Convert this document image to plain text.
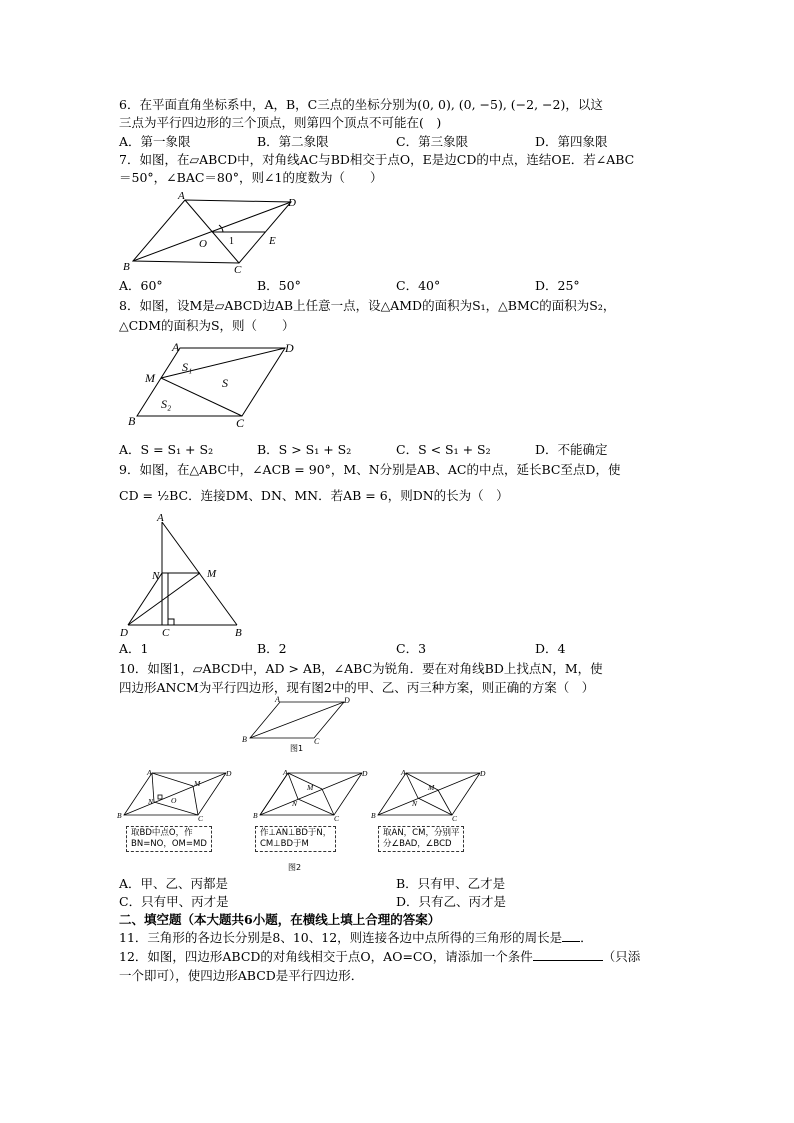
6．在平面直角坐标系中，A，B，C三点的坐标分别为(0, 0), (0, −5), (−2, −2)，以这
三点为平行四边形的三个顶点，则第四个顶点不可能在(　)
A．第一象限	B．第二象限	C．第三象限	D．第四象限
7．如图，在▱ABCD中，对角线AC与BD相交于点O，E是边CD的中点，连结OE．若∠ABC
＝50°，∠BAC＝80°，则∠1的度数为（　　）
A
D
B	C
O	E
1
A．60°	B．50°	C．40°	D．25°
8．如图，设M是▱ABCD边AB上任意一点，设△AMD的面积为S₁，△BMC的面积为S₂，
△CDM的面积为S，则（　　）
A	D
M
B	C
S₁
S
S₂
A．S = S₁ + S₂	B．S > S₁ + S₂	C．S < S₁ + S₂	D．不能确定
9．如图，在△ABC中，∠ACB = 90°，M、N分别是AB、AC的中点，延长BC至点D，使
CD = ½BC．连接DM、DN、MN．若AB = 6，则DN的长为（　）
A
N	M
D	C	B
A．1	B．2	C．3	D．4
10．如图1，▱ABCD中，AD > AB，∠ABC为锐角．要在对角线BD上找点N，M，使
四边形ANCM为平行四边形，现有图2中的甲、乙、丙三种方案，则正确的方案（　）
A	D
B	C
图1
A	D
B	C
N O
M
取BD中点O，作
BN=NO，OM=MD
A	D
B	C
N
M
作⊥AN⊥BD于N，
CM⊥BD于M
A	D
B	C
N
M
取AN，CM，分别平
分∠BAD，∠BCD
图2
A．甲、乙、丙都是	B．只有甲、乙才是
C．只有甲、丙才是	D．只有乙、丙才是
二、填空题（本大题共6小题，在横线上填上合理的答案）
11．三角形的各边长分别是8、10、12，则连接各边中点所得的三角形的周长是 ．
12．如图，四边形ABCD的对角线相交于点O，AO=CO，请添加一个条件	（只添
一个即可），使四边形ABCD是平行四边形．
